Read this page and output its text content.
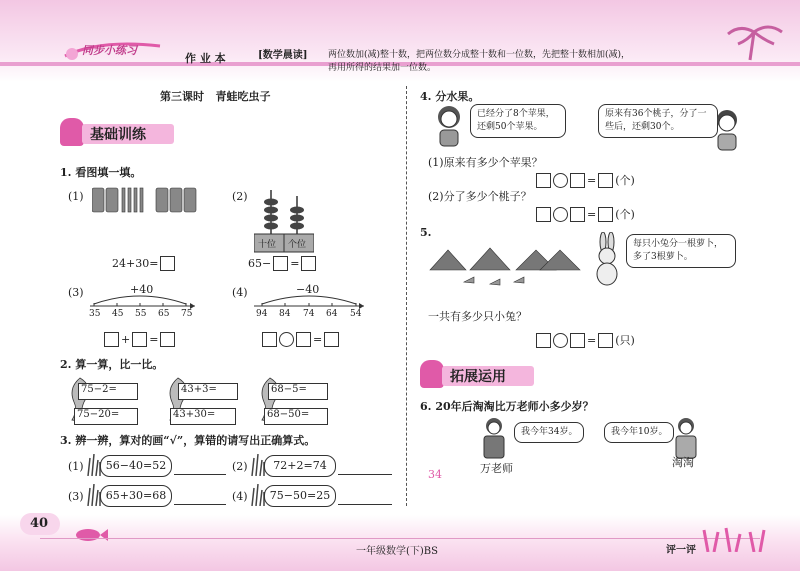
同步小练习
作 业 本	[数学晨读] 两位数加(减)整十数，把两位数分成整十数和一位数，先把整十数相加(减)，
再用所得的结果加一位数。
第三课时   青蛙吃虫子
基础训练
1. 看图填一填。
(1)
24+30=
(2)
十位 个位
65− =
(3)	+40
35 45 55 65 75
+ =
(4)	−40
94 84 74 64 54
=
2. 算一算，比一比。
75−2=
75−20=
43+3=
43+30=
68−5=
68−50=
3. 辨一辨，算对的画“√”，算错的请写出正确算式。
(1)	56−40=52	(2)	72+2=74
(3)	65+30=68	(4)	75−50=25
4. 分水果。
已经分了8个苹果，还剩50个苹果。
原来有36个桃子，分了一些后，还剩30个。
(1)原来有多少个苹果？
= (个)
(2)分了多少个桃子？
= (个)
5.
每只小兔分一根萝卜，多了3根萝卜。
一共有多少只小兔？
= (只)
拓展运用
6. 20年后淘淘比万老师小多少岁？
我今年34岁。
万老师
我今年10岁。
淘淘
34
40
一年级数学(下)BS	评一评
